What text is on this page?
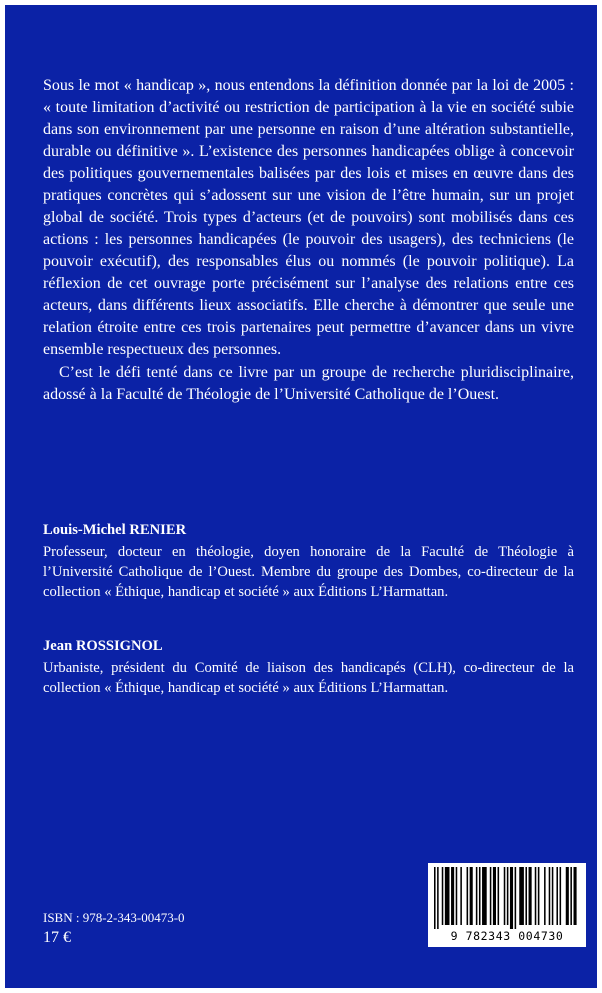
Sous le mot « handicap », nous entendons la définition donnée par la loi de 2005 : « toute limitation d’activité ou restriction de participation à la vie en société subie dans son environnement par une personne en raison d’une altération substantielle, durable ou définitive ». L’existence des personnes handicapées oblige à concevoir des politiques gouvernementales balisées par des lois et mises en œuvre dans des pratiques concrètes qui s’adossent sur une vision de l’être humain, sur un projet global de société. Trois types d’acteurs (et de pouvoirs) sont mobilisés dans ces actions : les personnes handicapées (le pouvoir des usagers), des techniciens (le pouvoir exécutif), des responsables élus ou nommés (le pouvoir politique). La réflexion de cet ouvrage porte précisément sur l’analyse des relations entre ces acteurs, dans différents lieux associatifs. Elle cherche à démontrer que seule une relation étroite entre ces trois partenaires peut permettre d’avancer dans un vivre ensemble respectueux des personnes.

C’est le défi tenté dans ce livre par un groupe de recherche pluridisciplinaire, adossé à la Faculté de Théologie de l’Université Catholique de l’Ouest.

Louis-Michel RENIER
Professeur, docteur en théologie, doyen honoraire de la Faculté de Théologie à l’Université Catholique de l’Ouest. Membre du groupe des Dombes, co-directeur de la collection « Éthique, handicap et société » aux Éditions L’Harmattan.
Jean ROSSIGNOL
Urbaniste, président du Comité de liaison des handicapés (CLH), co-directeur de la collection « Éthique, handicap et société » aux Éditions L’Harmattan.
ISBN : 978-2-343-00473-0
17 €	9 782343 004730
